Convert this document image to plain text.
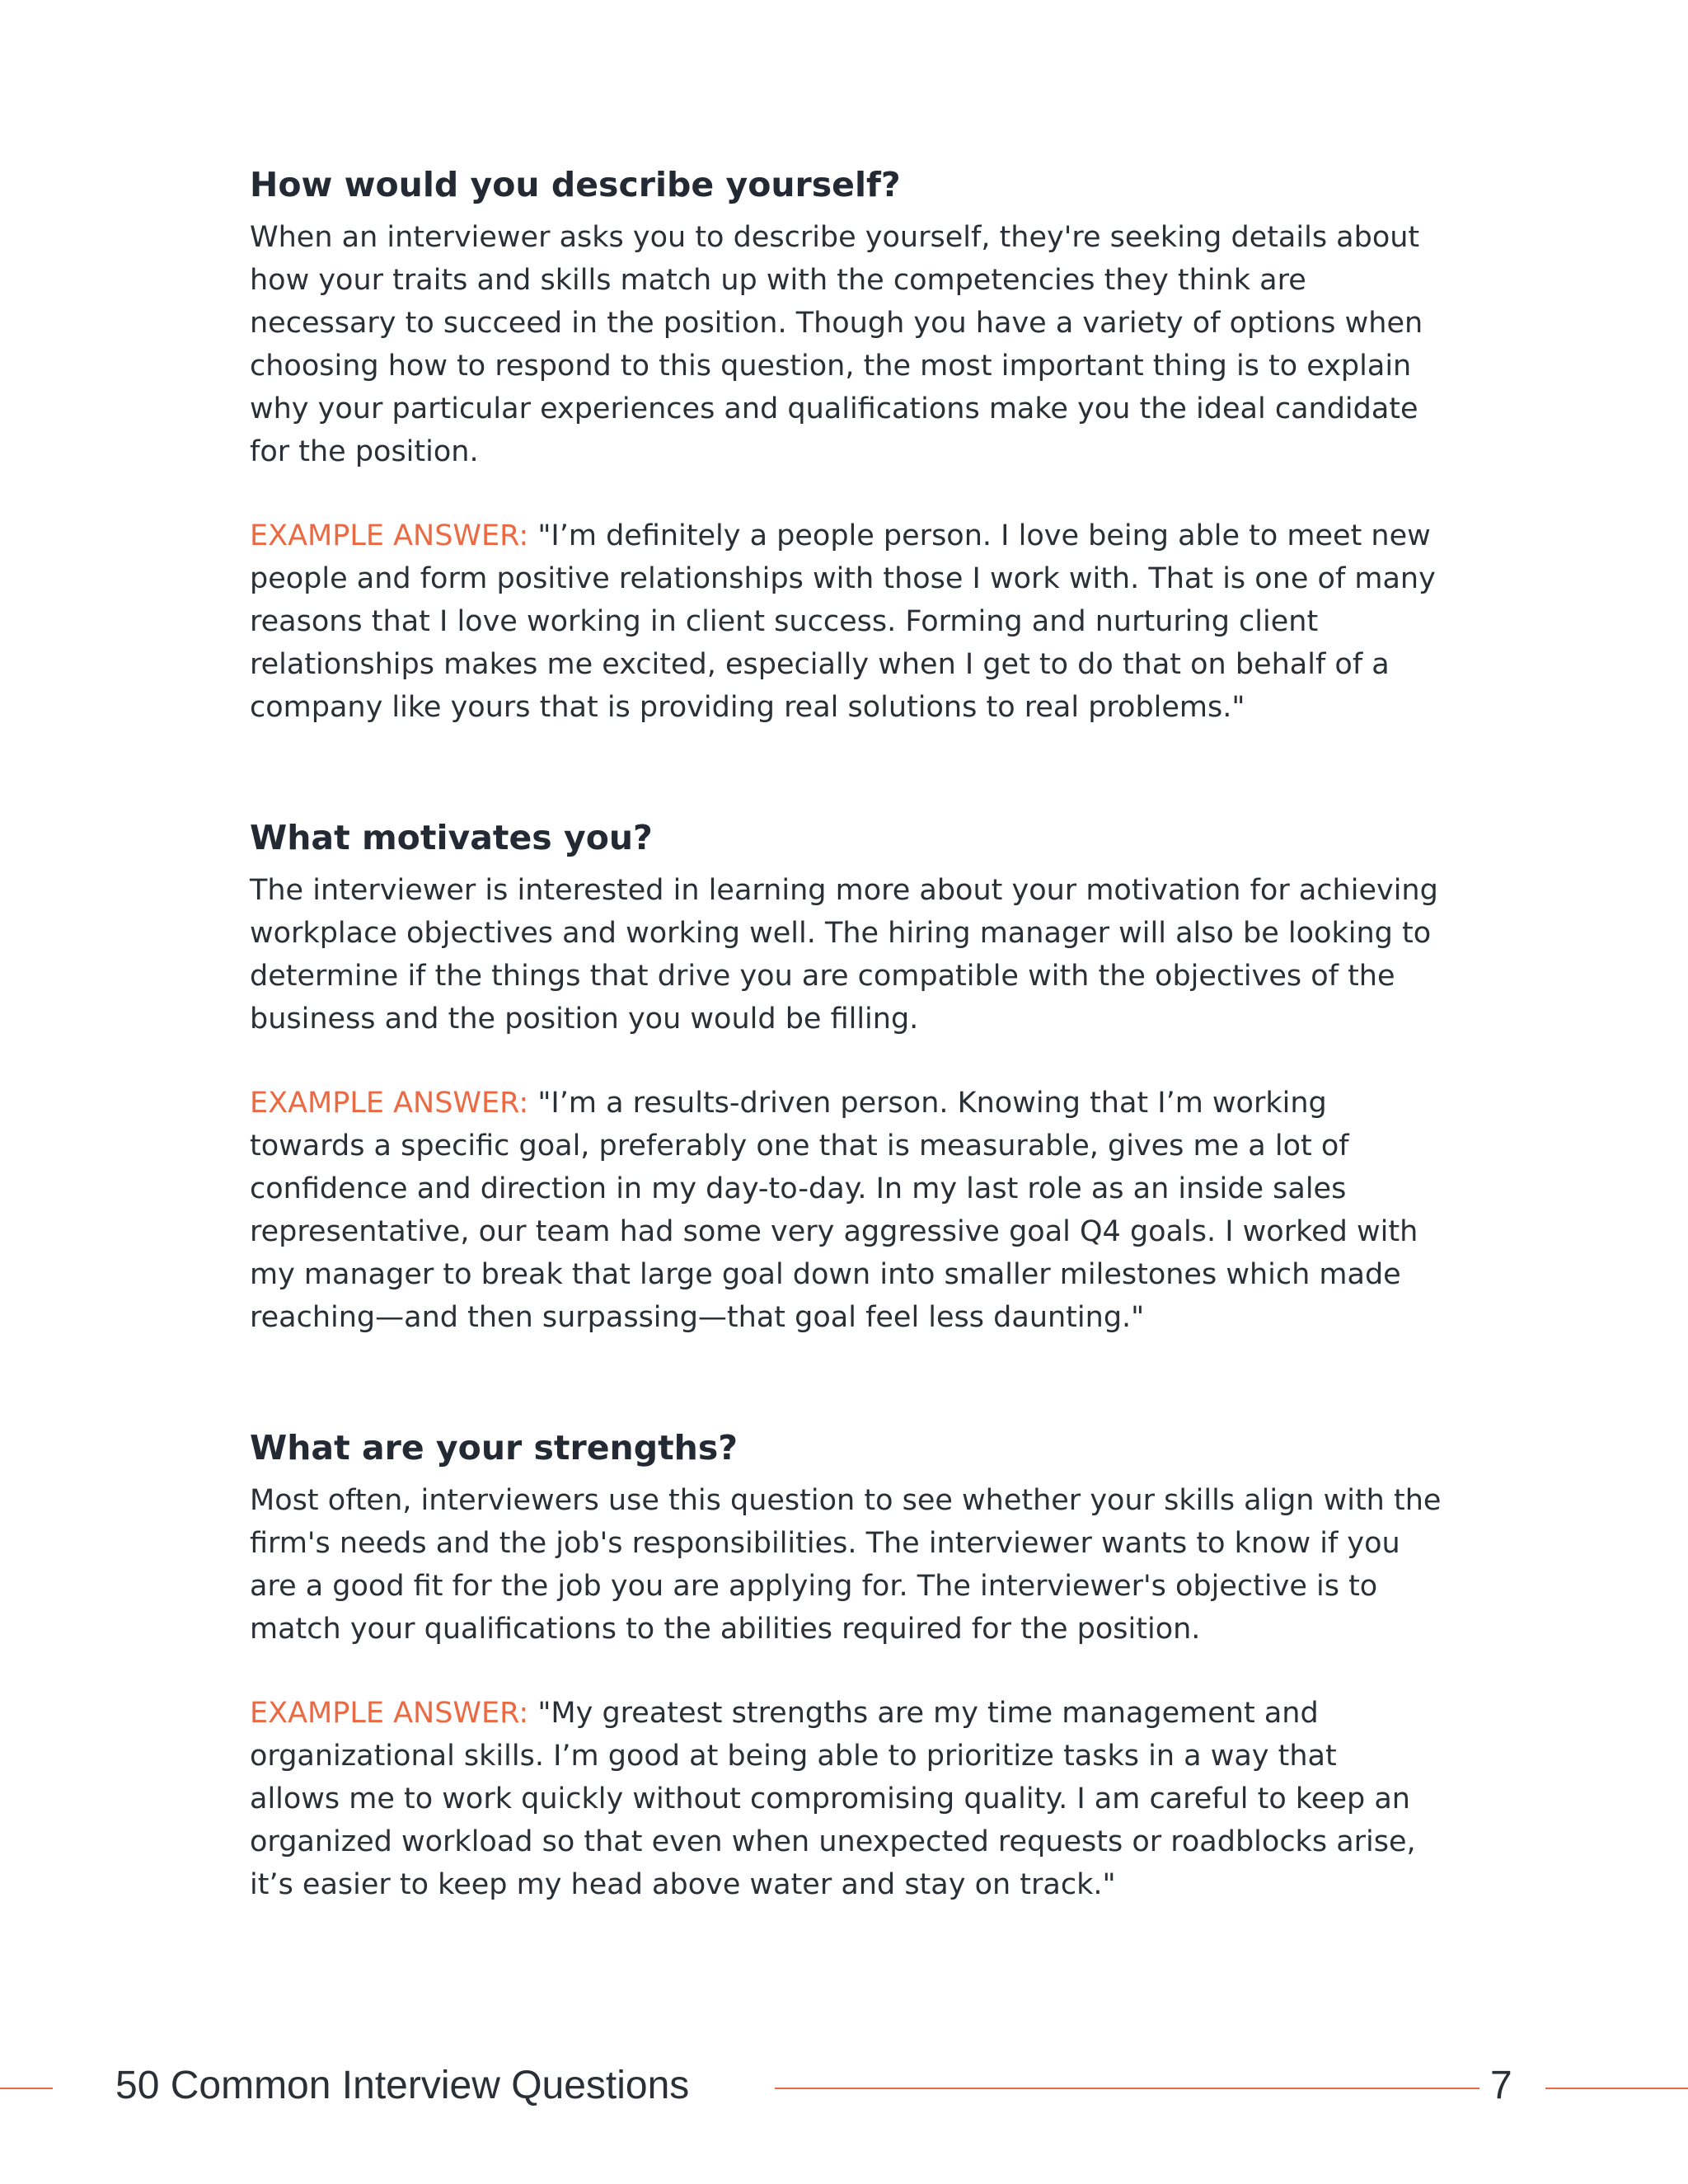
How would you describe yourself?

When an interviewer asks you to describe yourself, they're seeking details about
how your traits and skills match up with the competencies they think are
necessary to succeed in the position. Though you have a variety of options when
choosing how to respond to this question, the most important thing is to explain
why your particular experiences and qualifications make you the ideal candidate
for the position.

EXAMPLE ANSWER: "I’m definitely a people person. I love being able to meet new
people and form positive relationships with those I work with. That is one of many
reasons that I love working in client success. Forming and nurturing client
relationships makes me excited, especially when I get to do that on behalf of a
company like yours that is providing real solutions to real problems."

What motivates you?

The interviewer is interested in learning more about your motivation for achieving
workplace objectives and working well. The hiring manager will also be looking to
determine if the things that drive you are compatible with the objectives of the
business and the position you would be filling.

EXAMPLE ANSWER: "I’m a results-driven person. Knowing that I’m working
towards a specific goal, preferably one that is measurable, gives me a lot of
confidence and direction in my day-to-day. In my last role as an inside sales
representative, our team had some very aggressive goal Q4 goals. I worked with
my manager to break that large goal down into smaller milestones which made
reaching—and then surpassing—that goal feel less daunting."

What are your strengths?

Most often, interviewers use this question to see whether your skills align with the
firm's needs and the job's responsibilities. The interviewer wants to know if you
are a good fit for the job you are applying for. The interviewer's objective is to
match your qualifications to the abilities required for the position.

EXAMPLE ANSWER: "My greatest strengths are my time management and
organizational skills. I’m good at being able to prioritize tasks in a way that
allows me to work quickly without compromising quality. I am careful to keep an
organized workload so that even when unexpected requests or roadblocks arise,
it’s easier to keep my head above water and stay on track."

50 Common Interview Questions	7
